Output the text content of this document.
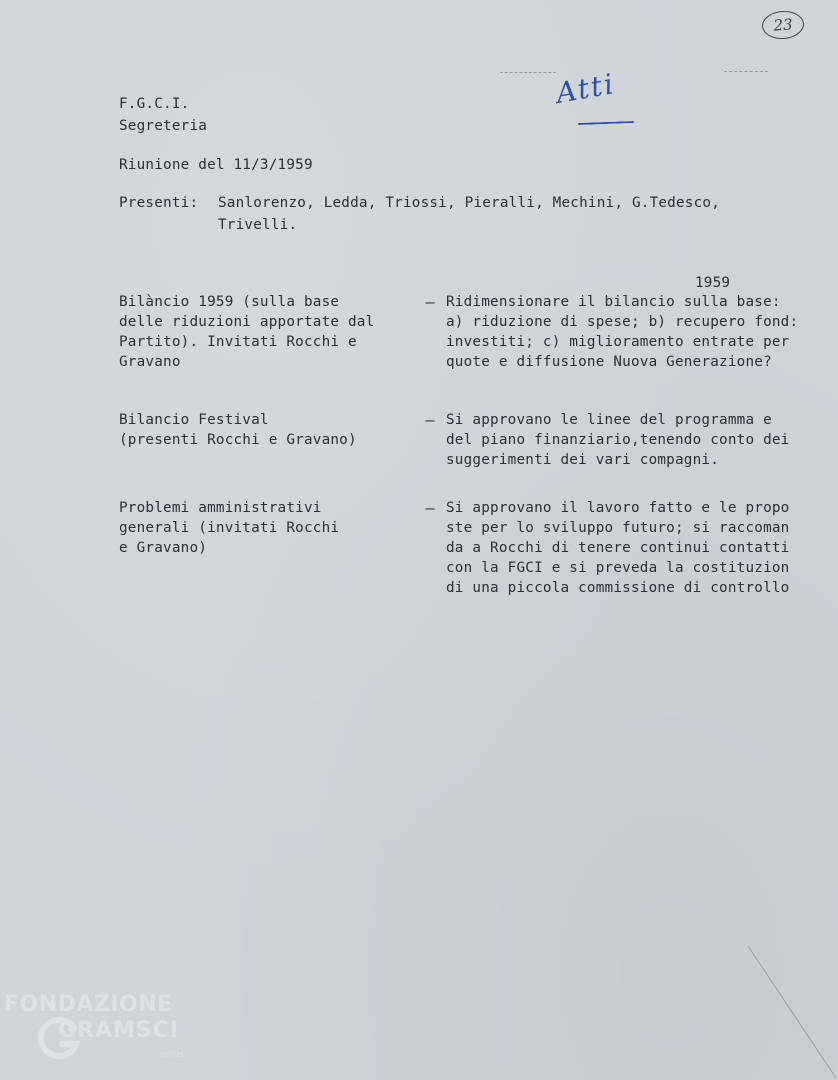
23
Atti
F.G.C.I.
Segreteria
Riunione del 11/3/1959
Presenti: Sanlorenzo, Ledda, Triossi, Pieralli, Mechini, G.Tedesco,
Trivelli.
1959
Bilàncio 1959 (sulla base
delle riduzioni apportate dal
Partito). Invitati Rocchi e
Gravano
– Ridimensionare il bilancio sulla base:
a) riduzione di spese; b) recupero fond:
investiti; c) miglioramento entrate per
quote e diffusione Nuova Generazione?
Bilancio Festival
(presenti Rocchi e Gravano)
– Si approvano le linee del programma e
del piano finanziario,tenendo conto dei
suggerimenti dei vari compagni.
Problemi amministrativi
generali (invitati Rocchi
e Gravano)
– Si approvano il lavoro fatto e le propo
ste per lo sviluppo futuro; si raccoman
da a Rocchi di tenere continui contatti
con la FGCI e si preveda la costituzion
di una piccola commissione di controllo
FONDAZIONE
GRAMSCI
onlus
